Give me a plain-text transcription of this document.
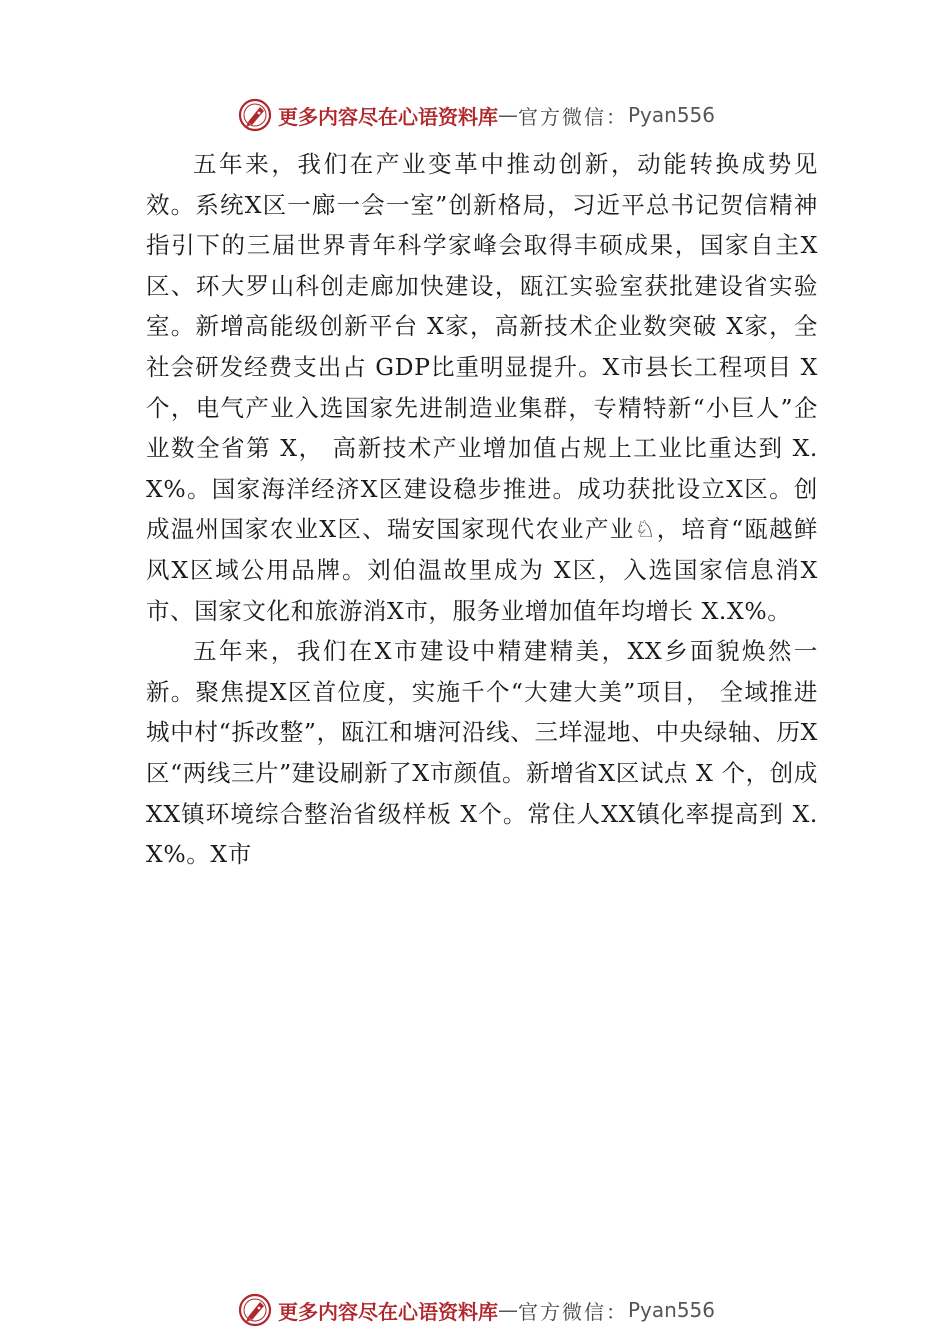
更多内容尽在心语资料库 — 官方微信： Pyan556

五年来，我们在产业变革中推动创新，动能转换成势见效。系统X区一廊一会一室”创新格局，习近平总书记贺信精神指引下的三届世界青年科学家峰会取得丰硕成果，国家自主X区、环大罗山科创走廊加快建设，瓯江实验室获批建设省实验室。新增高能级创新平台 X家，高新技术企业数突破 X家，全社会研发经费支出占 GDP比重明显提升。X市县长工程项目 X个，电气产业入选国家先进制造业集群，专精特新“小巨人”企业数全省第 X， 高新技术产业增加值占规上工业比重达到 X.X%。国家海洋经济X区建设稳步推进。成功获批设立X区。创成温州国家农业X区、瑞安国家现代农业产业♘，培育“瓯越鲜风X区域公用品牌。刘伯温故里成为 X区，入选国家信息消X市、国家文化和旅游消X市，服务业增加值年均增长 X.X%。

五年来，我们在X市建设中精建精美，XX乡面貌焕然一新。聚焦提X区首位度，实施千个“大建大美”项目， 全域推进城中村“拆改整”，瓯江和塘河沿线、三垟湿地、中央绿轴、历X区“两线三片”建设刷新了X市颜值。新增省X区试点 X 个，创成XX镇环境综合整治省级样板 X个。常住人XX镇化率提高到 X.X%。X市

更多内容尽在心语资料库 — 官方微信： Pyan556
